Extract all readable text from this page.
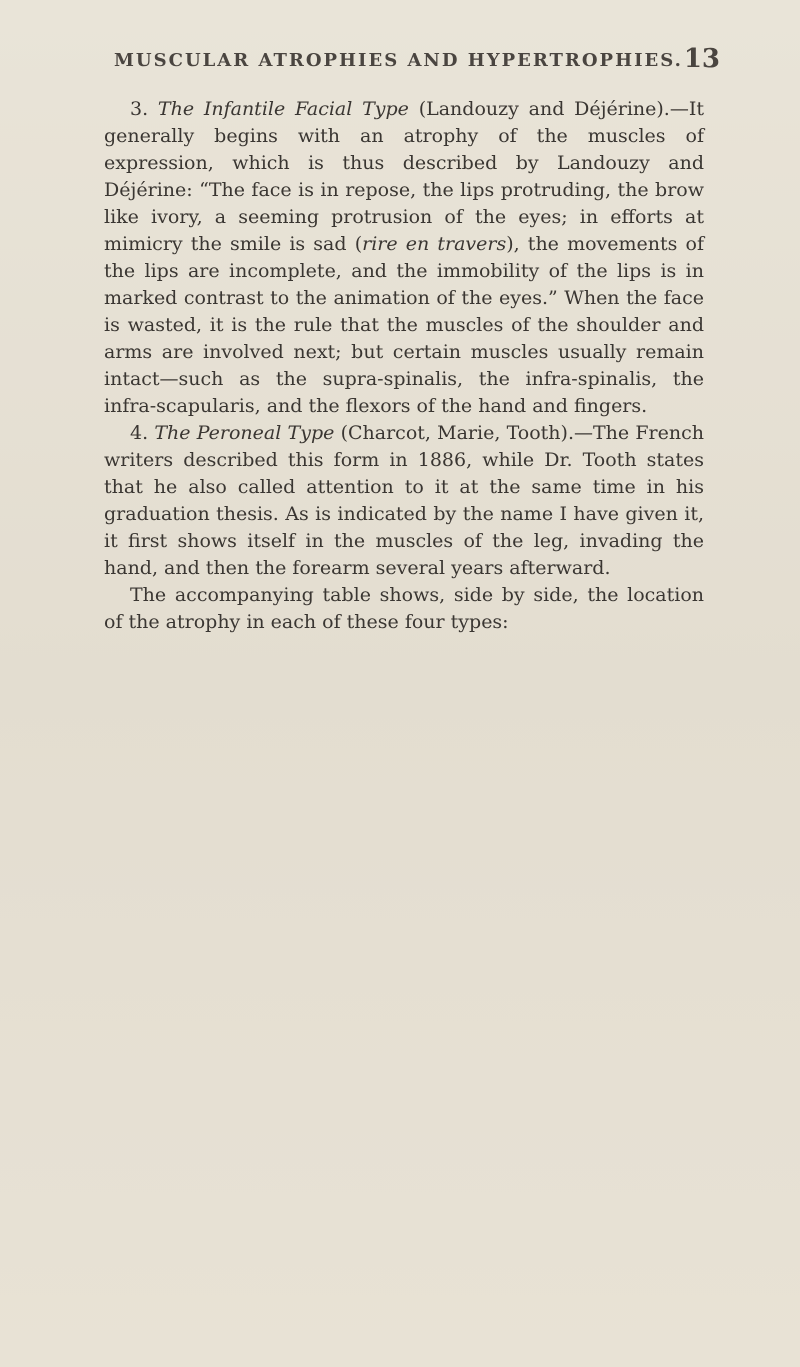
MUSCULAR ATROPHIES AND HYPERTROPHIES. 13

3. The Infantile Facial Type (Landouzy and Déjérine).—It generally begins with an atrophy of the muscles of expression, which is thus described by Landouzy and Déjérine: “The face is in repose, the lips protruding, the brow like ivory, a seeming protrusion of the eyes; in efforts at mimicry the smile is sad (rire en travers), the movements of the lips are incomplete, and the immobility of the lips is in marked contrast to the animation of the eyes.” When the face is wasted, it is the rule that the muscles of the shoulder and arms are involved next; but certain muscles usually remain intact—such as the supra-spinalis, the infra-spinalis, the infra-scapularis, and the flexors of the hand and fingers.

4. The Peroneal Type (Charcot, Marie, Tooth).—The French writers described this form in 1886, while Dr. Tooth states that he also called attention to it at the same time in his graduation thesis. As is indicated by the name I have given it, it first shows itself in the muscles of the leg, invading the hand, and then the forearm several years afterward.

The accompanying table shows, side by side, the location of the atrophy in each of these four types:
